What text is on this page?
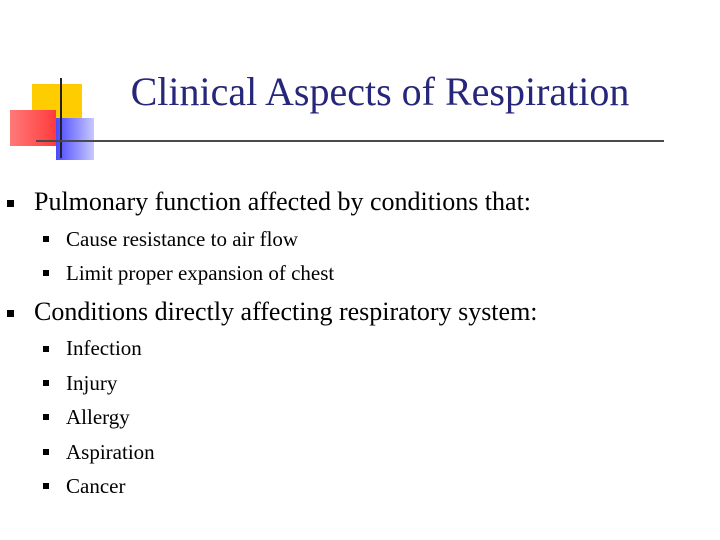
Clinical Aspects of Respiration
Pulmonary function affected by conditions that:
Cause resistance to air flow
Limit proper expansion of chest
Conditions directly affecting respiratory system:
Infection
Injury
Allergy
Aspiration
Cancer
